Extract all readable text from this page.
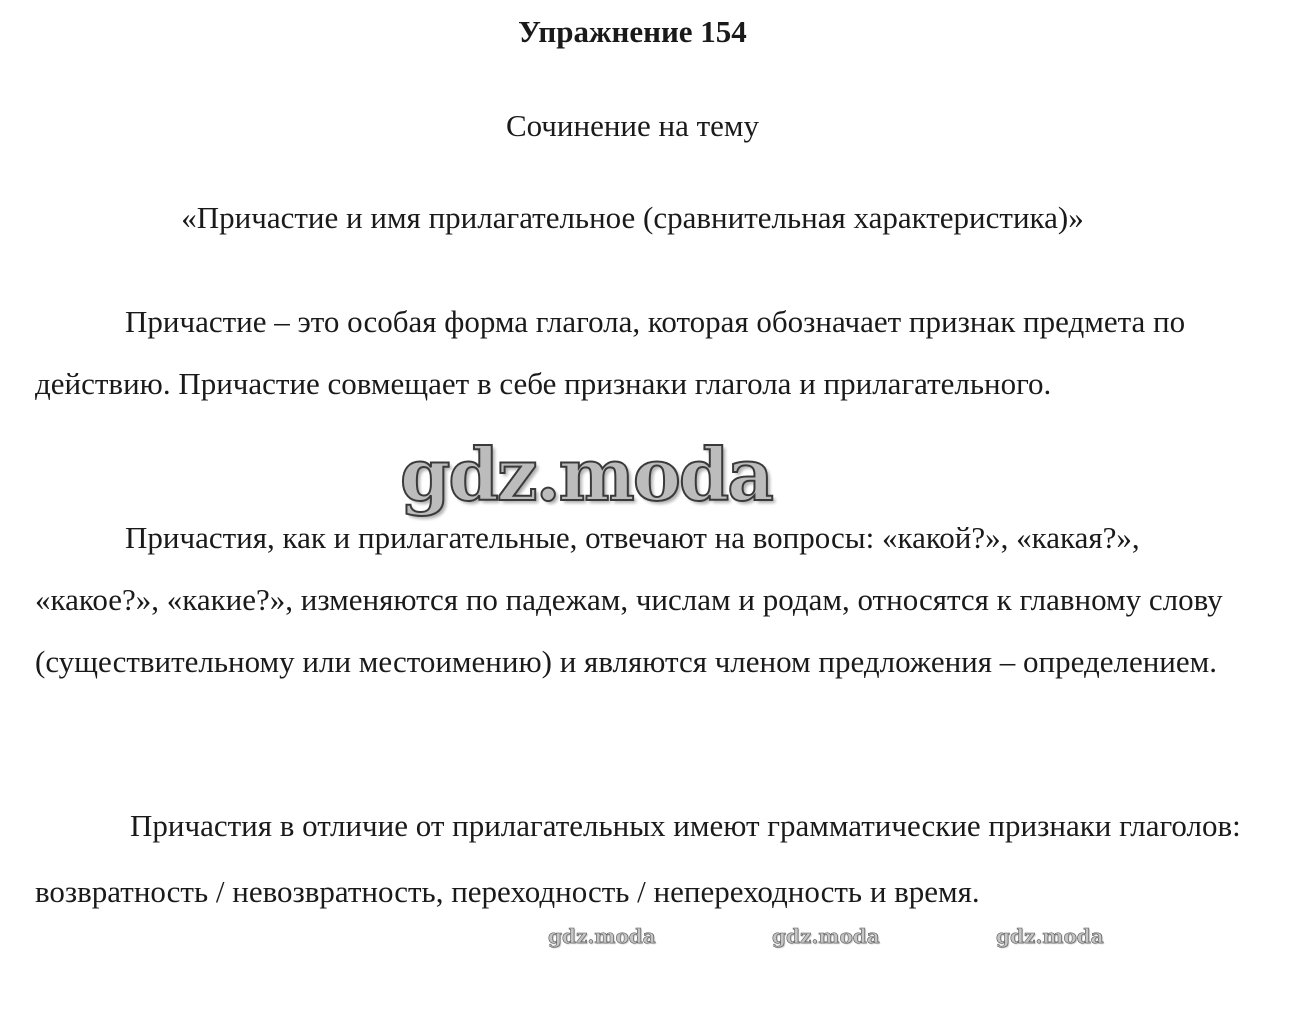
Упражнение 154
Сочинение на тему
«Причастие и имя прилагательное (сравнительная характеристика)»

Причастие – это особая форма глагола, которая обозначает признак предмета по действию. Причастие совмещает в себе признаки глагола и прилагательного.

Причастия, как и прилагательные, отвечают на вопросы: «какой?», «какая?», «какое?», «какие?», изменяются по падежам, числам и родам, относятся к главному слову (существительному или местоимению) и являются членом предложения – определением.

Причастия в отличие от прилагательных имеют грамматические признаки глаголов: возвратность / невозвратность, переходность / непереходность и время.

gdz.moda
gdz.moda	gdz.moda	gdz.moda
